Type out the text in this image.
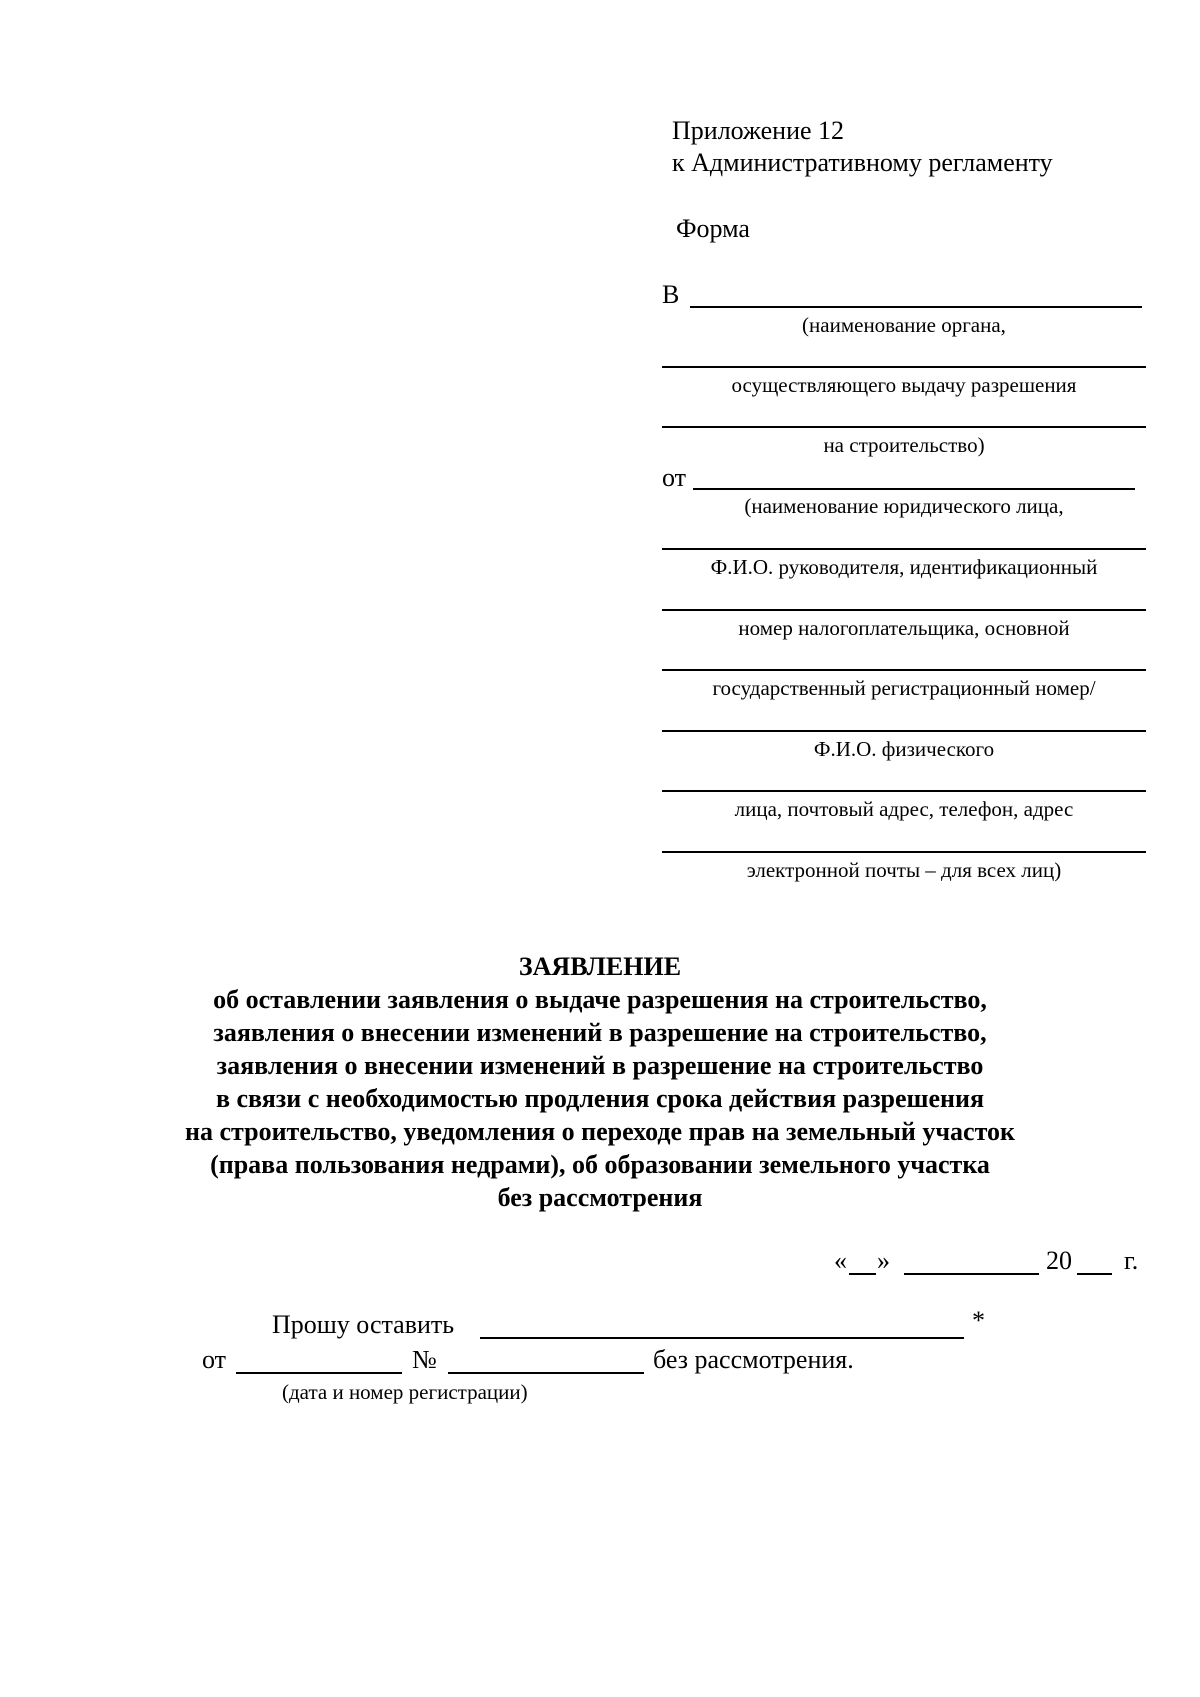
Приложение 12
к Административному регламенту
Форма
В
(наименование органа,
осуществляющего выдачу разрешения
на строительство)
от
(наименование юридического лица,
Ф.И.О. руководителя, идентификационный
номер налогоплательщика, основной
государственный регистрационный номер/
Ф.И.О. физического
лица, почтовый адрес, телефон, адрес
электронной почты – для всех лиц)
ЗАЯВЛЕНИЕ
об оставлении заявления о выдаче разрешения на строительство,
заявления о внесении изменений в разрешение на строительство,
заявления о внесении изменений в разрешение на строительство
в связи с необходимостью продления срока действия разрешения
на строительство, уведомления о переходе прав на земельный участок
(права пользования недрами), об образовании земельного участка
без рассмотрения
« »	20 г.
Прошу оставить	*
от	№	без рассмотрения.
(дата и номер регистрации)
